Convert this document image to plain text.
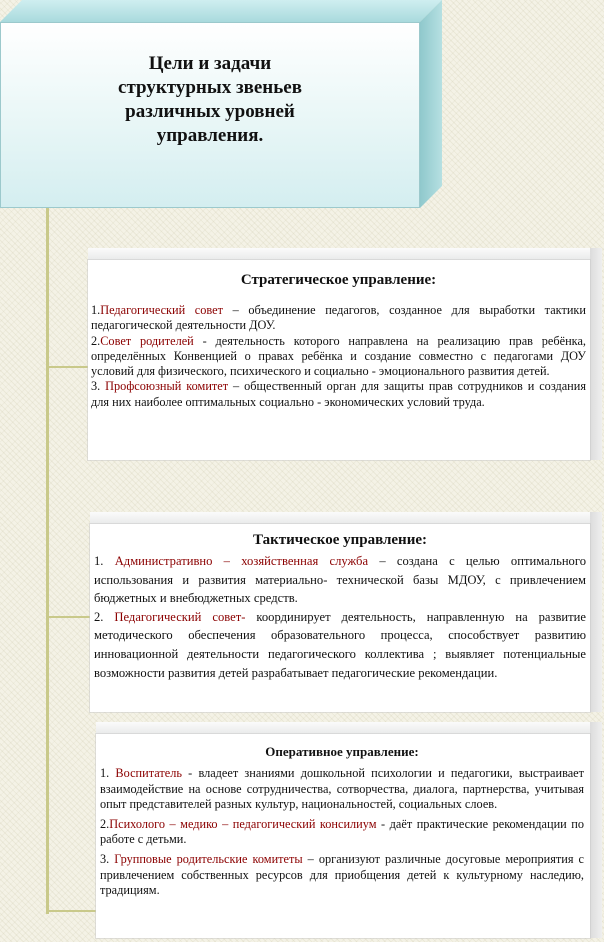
Цели и задачи структурных звеньев различных уровней управления.

Стратегическое управление:

1.Педагогический совет – объединение педагогов, созданное для выработки тактики педагогической деятельности ДОУ.

2.Совет родителей - деятельность которого направлена на реализацию прав ребёнка, определённых Конвенцией о правах ребёнка и создание совместно с педагогами ДОУ условий для физического, психического и социально - эмоционального развития детей.

3. Профсоюзный комитет – общественный орган для защиты прав сотрудников и создания для них наиболее оптимальных социально - экономических условий труда.

Тактическое управление:

1. Административно – хозяйственная служба – создана с целью оптимального использования и развития материально- технической базы МДОУ, с привлечением бюджетных и внебюджетных средств.

2. Педагогический совет- координирует деятельность, направленную на развитие методического обеспечения образовательного процесса, способствует развитию инновационной деятельности педагогического коллектива ; выявляет потенциальные возможности развития детей разрабатывает педагогические рекомендации.

Оперативное управление:

1. Воспитатель - владеет знаниями дошкольной психологии и педагогики, выстраивает взаимодействие на основе сотрудничества, сотворчества, диалога, партнерства, учитывая опыт представителей разных культур, национальностей, социальных слоев.

2.Психолого – медико – педагогический консилиум - даёт практические рекомендации по работе с детьми.

3. Групповые родительские комитеты – организуют различные досуговые мероприятия с привлечением собственных ресурсов для приобщения детей к культурному наследию, традициям.
